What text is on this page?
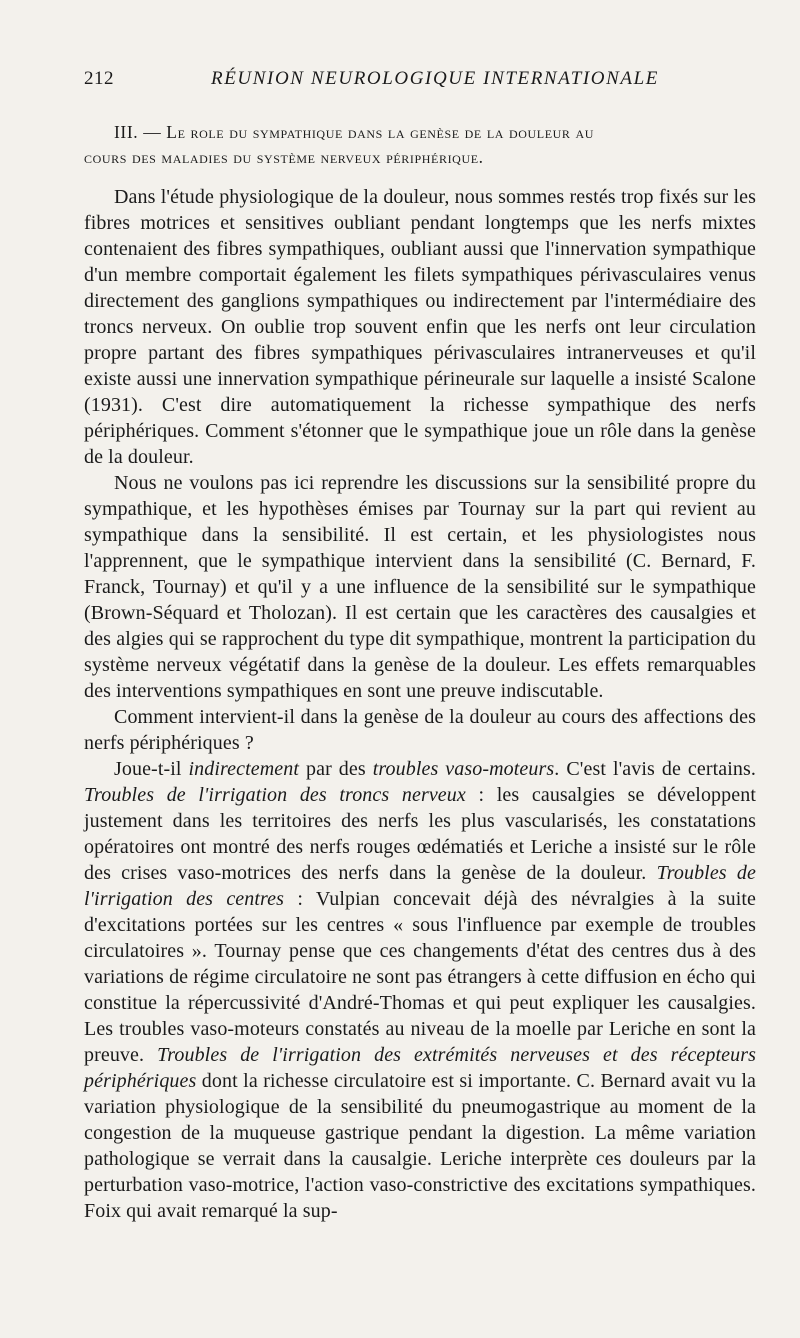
212	RÉUNION NEUROLOGIQUE INTERNATIONALE
III. — Le role du sympathique dans la genèse de la douleur au
cours des maladies du système nerveux périphérique.

Dans l'étude physiologique de la douleur, nous sommes restés trop fixés sur les fibres motrices et sensitives oubliant pendant longtemps que les nerfs mixtes contenaient des fibres sympathiques, oubliant aussi que l'innervation sympathique d'un membre comportait également les filets sympathiques périvasculaires venus directement des ganglions sympathiques ou indirectement par l'intermédiaire des troncs nerveux. On oublie trop souvent enfin que les nerfs ont leur circulation propre partant des fibres sympathiques périvasculaires intranerveuses et qu'il existe aussi une innervation sympathique périneurale sur laquelle a insisté Scalone (1931). C'est dire automatiquement la richesse sympathique des nerfs périphériques. Comment s'étonner que le sympathique joue un rôle dans la genèse de la douleur.

Nous ne voulons pas ici reprendre les discussions sur la sensibilité propre du sympathique, et les hypothèses émises par Tournay sur la part qui revient au sympathique dans la sensibilité. Il est certain, et les physiologistes nous l'apprennent, que le sympathique intervient dans la sensibilité (C. Bernard, F. Franck, Tournay) et qu'il y a une influence de la sensibilité sur le sympathique (Brown-Séquard et Tholozan). Il est certain que les caractères des causalgies et des algies qui se rapprochent du type dit sympathique, montrent la participation du système nerveux végétatif dans la genèse de la douleur. Les effets remarquables des interventions sympathiques en sont une preuve indiscutable.

Comment intervient-il dans la genèse de la douleur au cours des affections des nerfs périphériques ?

Joue-t-il indirectement par des troubles vaso-moteurs. C'est l'avis de certains. Troubles de l'irrigation des troncs nerveux : les causalgies se développent justement dans les territoires des nerfs les plus vascularisés, les constatations opératoires ont montré des nerfs rouges œdématiés et Leriche a insisté sur le rôle des crises vaso-motrices des nerfs dans la genèse de la douleur. Troubles de l'irrigation des centres : Vulpian concevait déjà des névralgies à la suite d'excitations portées sur les centres « sous l'influence par exemple de troubles circulatoires ». Tournay pense que ces changements d'état des centres dus à des variations de régime circulatoire ne sont pas étrangers à cette diffusion en écho qui constitue la répercussivité d'André-Thomas et qui peut expliquer les causalgies. Les troubles vaso-moteurs constatés au niveau de la moelle par Leriche en sont la preuve. Troubles de l'irrigation des extrémités nerveuses et des récepteurs périphériques dont la richesse circulatoire est si importante. C. Bernard avait vu la variation physiologique de la sensibilité du pneumogastrique au moment de la congestion de la muqueuse gastrique pendant la digestion. La même variation pathologique se verrait dans la causalgie. Leriche interprète ces douleurs par la perturbation vaso-motrice, l'action vaso-constrictive des excitations sympathiques. Foix qui avait remarqué la sup-
